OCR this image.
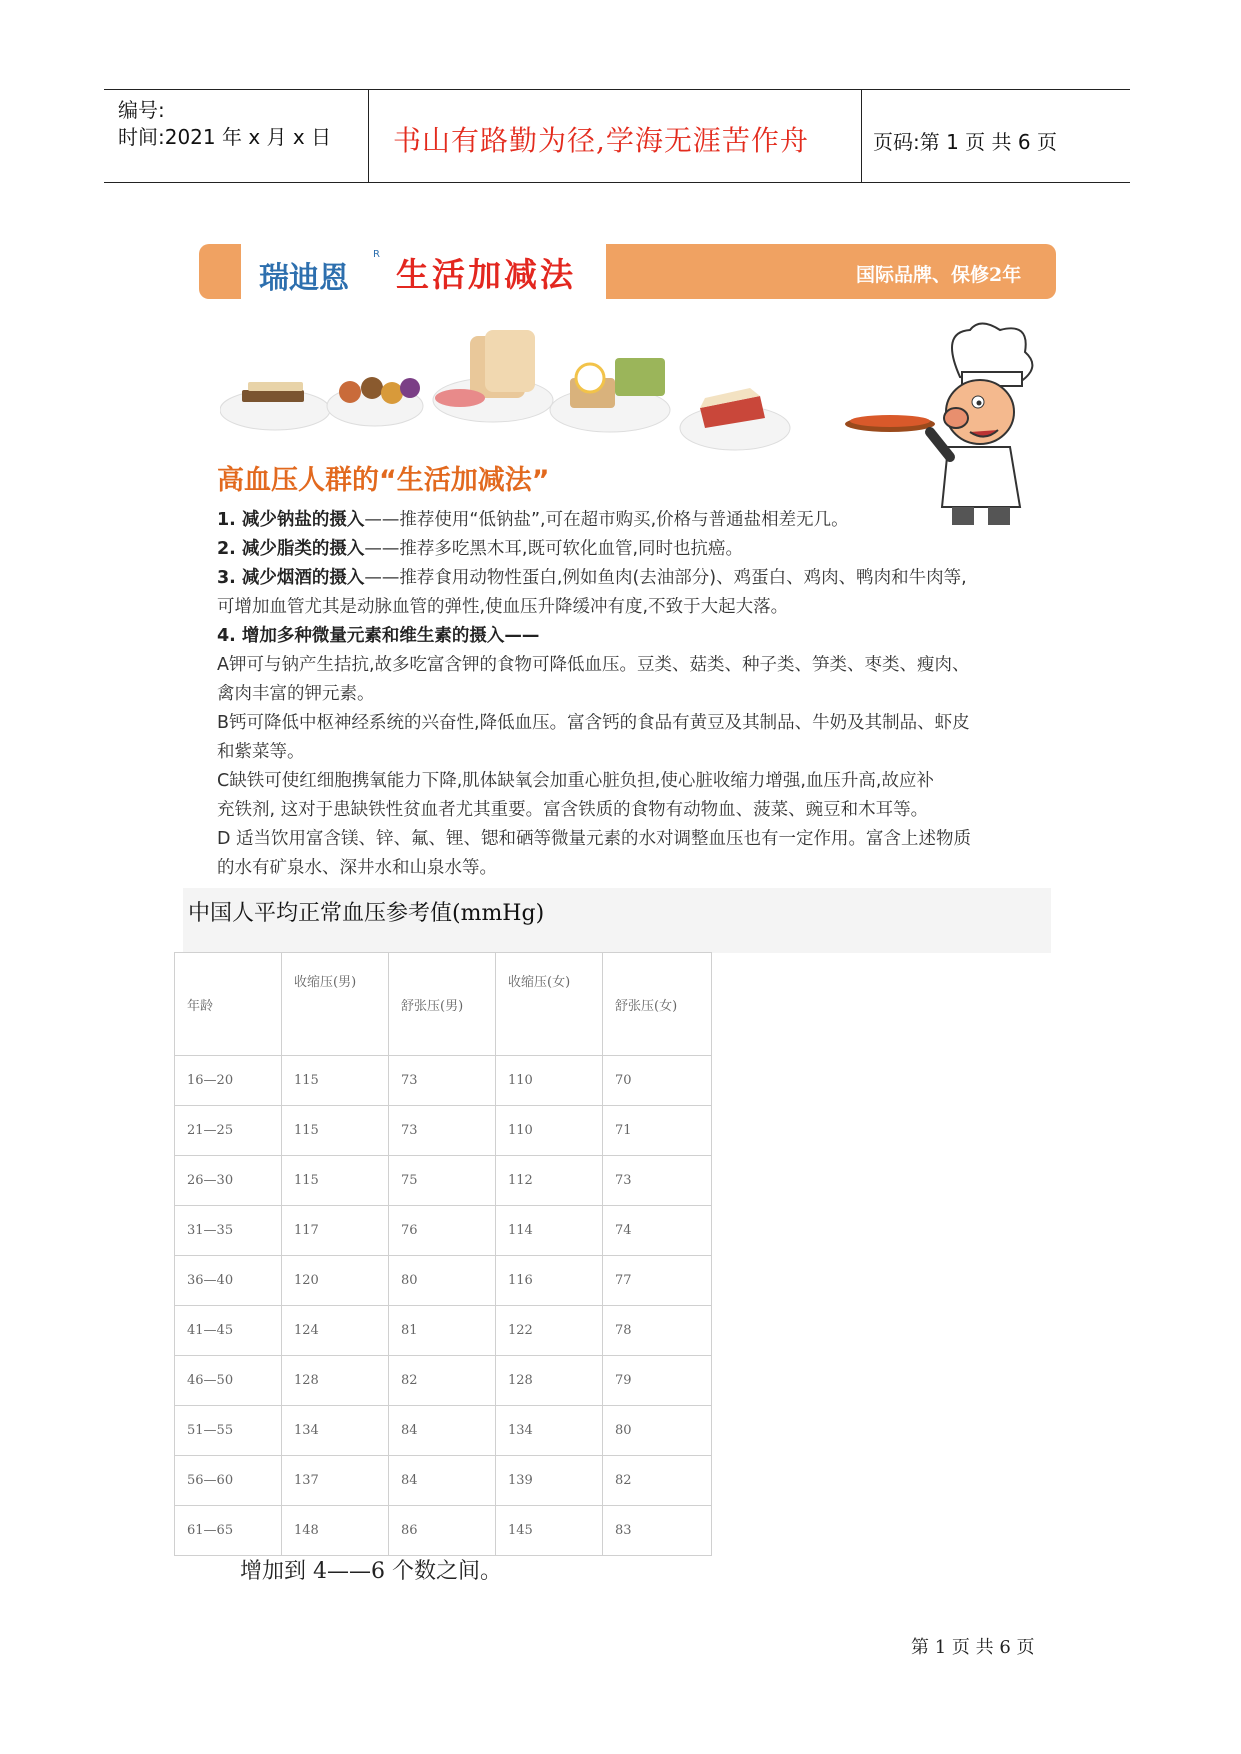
编号:
时间:2021 年 x 月 x 日 书山有路勤为径,学海无涯苦作舟	页码:第 1 页 共 6 页
瑞迪恩
R
生活加减法	国际品牌、保修2年
高血压人群的“生活加减法”
1. 减少钠盐的摄入——推荐使用“低钠盐”,可在超市购买,价格与普通盐相差无几。
2. 减少脂类的摄入——推荐多吃黑木耳,既可软化血管,同时也抗癌。
3. 减少烟酒的摄入——推荐食用动物性蛋白,例如鱼肉(去油部分)、鸡蛋白、鸡肉、鸭肉和牛肉等,
可增加血管尤其是动脉血管的弹性,使血压升降缓冲有度,不致于大起大落。
4. 增加多种微量元素和维生素的摄入——
A钾可与钠产生拮抗,故多吃富含钾的食物可降低血压。豆类、菇类、种子类、笋类、枣类、瘦肉、
禽肉丰富的钾元素。
B钙可降低中枢神经系统的兴奋性,降低血压。富含钙的食品有黄豆及其制品、牛奶及其制品、虾皮
和紫菜等。
C缺铁可使红细胞携氧能力下降,肌体缺氧会加重心脏负担,使心脏收缩力增强,血压升高,故应补
充铁剂, 这对于患缺铁性贫血者尤其重要。富含铁质的食物有动物血、菠菜、豌豆和木耳等。
D 适当饮用富含镁、锌、氟、锂、锶和硒等微量元素的水对调整血压也有一定作用。富含上述物质
的水有矿泉水、深井水和山泉水等。
中国人平均正常血压参考值(mmHg)
年龄	收缩压(男)	舒张压(男)	收缩压(女)	舒张压(女)
16—20	115	73	110	70
21—25	115	73	110	71
26—30	115	75	112	73
31—35	117	76	114	74
36—40	120	80	116	77
41—45	124	81	122	78
46—50	128	82	128	79
51—55	134	84	134	80
56—60	137	84	139	82
61—65	148	86	145	83
增加到 4——6 个数之间。
第 1 页 共 6 页
